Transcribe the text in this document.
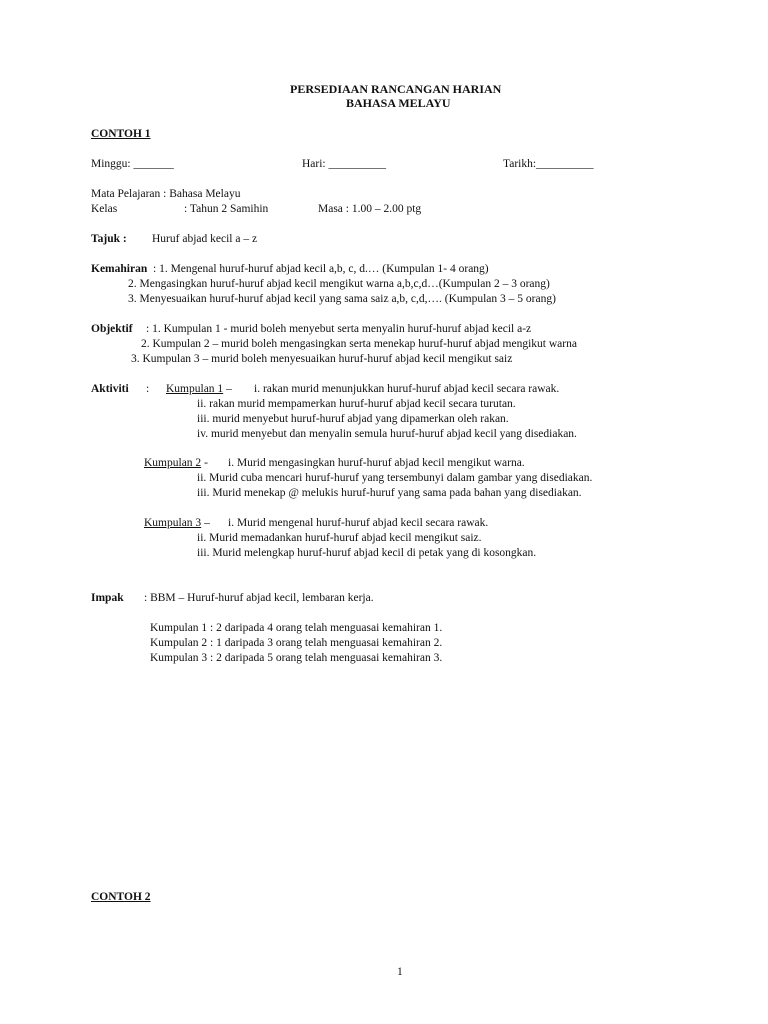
PERSEDIAAN RANCANGAN HARIAN
BAHASA MELAYU
CONTOH 1
Minggu: _______	Hari: __________	Tarikh:__________
Mata Pelajaran : Bahasa Melayu
Kelas	: Tahun 2 Samihin	Masa : 1.00 – 2.00 ptg
Tajuk : Huruf abjad kecil a – z
Kemahiran : 1. Mengenal huruf-huruf abjad kecil a,b, c, d.… (Kumpulan 1- 4 orang)
2. Mengasingkan huruf-huruf abjad kecil mengikut warna a,b,c,d…(Kumpulan 2 – 3 orang)
3. Menyesuaikan huruf-huruf abjad kecil yang sama saiz a,b, c,d,…. (Kumpulan 3 – 5 orang)
Objektif : 1. Kumpulan 1 - murid boleh menyebut serta menyalin huruf-huruf abjad kecil a-z
2. Kumpulan 2 – murid boleh mengasingkan serta menekap huruf-huruf abjad mengikut warna
3. Kumpulan 3 – murid boleh menyesuaikan huruf-huruf abjad kecil mengikut saiz
Aktiviti : Kumpulan 1 – i. rakan murid menunjukkan huruf-huruf abjad kecil secara rawak.
ii. rakan murid mempamerkan huruf-huruf abjad kecil secara turutan.
iii. murid menyebut huruf-huruf abjad yang dipamerkan oleh rakan.
iv. murid menyebut dan menyalin semula huruf-huruf abjad kecil yang disediakan.
Kumpulan 2 - i. Murid mengasingkan huruf-huruf abjad kecil mengikut warna.
ii. Murid cuba mencari huruf-huruf yang tersembunyi dalam gambar yang disediakan.
iii. Murid menekap @ melukis huruf-huruf yang sama pada bahan yang disediakan.
Kumpulan 3 – i. Murid mengenal huruf-huruf abjad kecil secara rawak.
ii. Murid memadankan huruf-huruf abjad kecil mengikut saiz.
iii. Murid melengkap huruf-huruf abjad kecil di petak yang di kosongkan.
Impak : BBM – Huruf-huruf abjad kecil, lembaran kerja.
Kumpulan 1 : 2 daripada 4 orang telah menguasai kemahiran 1.
Kumpulan 2 : 1 daripada 3 orang telah menguasai kemahiran 2.
Kumpulan 3 : 2 daripada 5 orang telah menguasai kemahiran 3.
CONTOH 2
1
